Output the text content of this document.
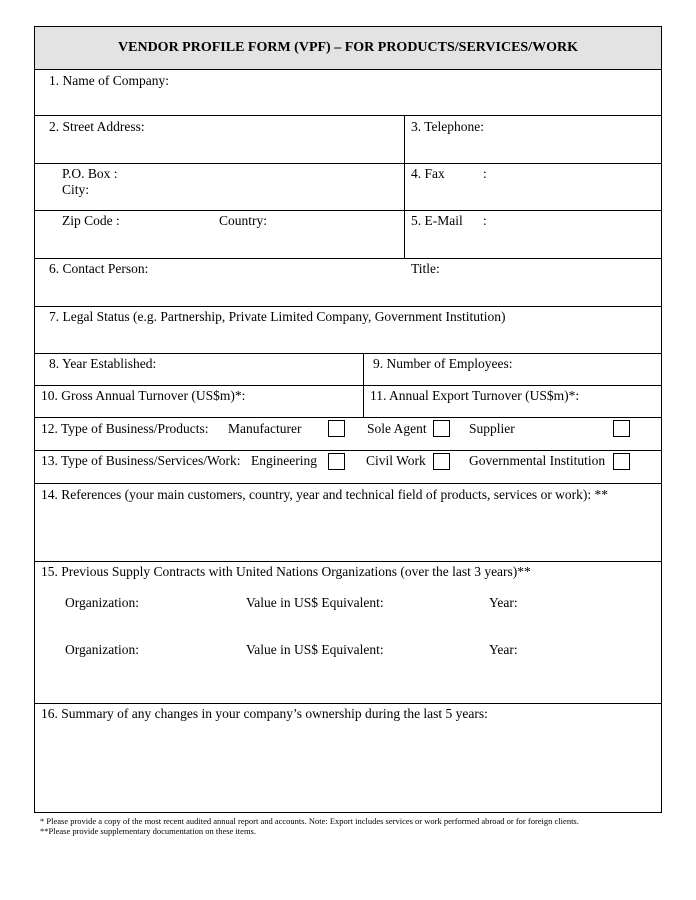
VENDOR PROFILE FORM (VPF) – FOR PRODUCTS/SERVICES/WORK
1. Name of Company:
2. Street Address:	3. Telephone:
P.O. Box :
City:
4. Fax	:
Zip Code :	Country:	5. E-Mail :
6. Contact Person:	Title:
7. Legal Status (e.g. Partnership, Private Limited Company, Government Institution)
8. Year Established:	9. Number of Employees:
10. Gross Annual Turnover (US$m)*:	11. Annual Export Turnover (US$m)*:
12. Type of Business/Products: Manufacturer	Sole Agent	Supplier
13. Type of Business/Services/Work: Engineering	Civil Work	Governmental Institution
14. References (your main customers, country, year and technical field of products, services or work): **
15. Previous Supply Contracts with United Nations Organizations (over the last 3 years)**
Organization:	Value in US$ Equivalent:	Year:
Organization:	Value in US$ Equivalent:	Year:
16. Summary of any changes in your company’s ownership during the last 5 years:
* Please provide a copy of the most recent audited annual report and accounts. Note: Export includes services or work performed abroad or for foreign clients.
**Please provide supplementary documentation on these items.
